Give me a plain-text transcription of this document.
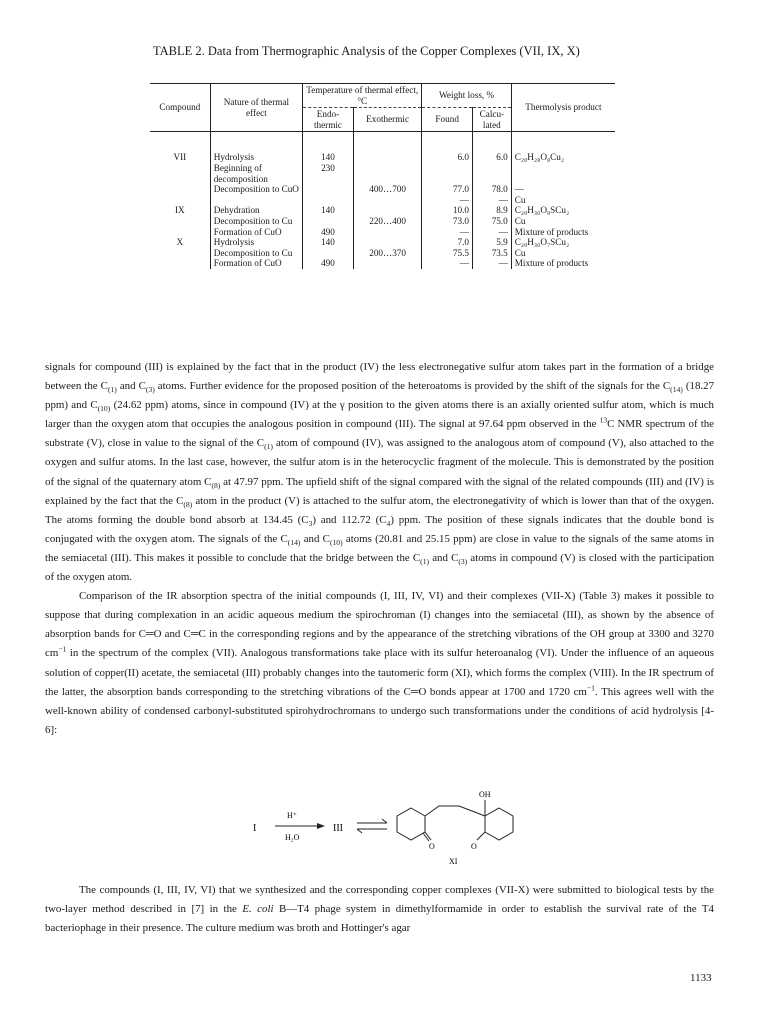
TABLE 2. Data from Thermographic Analysis of the Copper Complexes (VII, IX, X)
Compound	Nature of thermal effect	Temperature of thermal effect, °C		Weight loss, %		Thermolysis product
		Endo-thermic	Exothermic	Found	Calcu-lated	

VII	Hydrolysis	140		6.0	6.0	C₂₀H₂₈O₈Cu₂
	Beginning of decomposition	230				
	Decomposition to CuO		400…700	77.0	78.0	—
				—	—	Cu
IX	Dehydration	140		10.0	8.9	C₂₀H₃₀O₈SCu₂
	Decomposition to Cu		220…400	73.0	75.0	Cu
	Formation of CuO	490		—	—	Mixture of products
X	Hydrolysis	140		7.0	5.9	C₂₀H₃₀O₇SCu₂
	Decomposition to Cu		200…370	75.5	73.5	Cu
	Formation of CuO	490		—	—	Mixture of products

signals for compound (III) is explained by the fact that in the product (IV) the less electronegative sulfur atom takes part in the formation of a bridge between the $C_{(1)}$ and $C_{(3)}$ atoms. Further evidence for the proposed position of the heteroatoms is provided by the shift of the signals for the $C_{(14)}$ (18.27 ppm) and $C_{(10)}$ (24.62 ppm) atoms, since in compound (IV) at the γ position to the given atoms there is an axially oriented sulfur atom, which is much larger than the oxygen atom that occupies the analogous position in compound (III). The signal at 97.64 ppm observed in the $^{13}$C NMR spectrum of the substrate (V), close in value to the signal of the $C_{(1)}$ atom of compound (IV), was assigned to the analogous atom of compound (V), also attached to the oxygen and sulfur atoms. In the last case, however, the sulfur atom is in the heterocyclic fragment of the molecule. This is demonstrated by the position of the signal of the quaternary atom $C_{(8)}$ at 47.97 ppm. The upfield shift of the signal compared with the signal of the related compounds (III) and (IV) is explained by the fact that the $C_{(8)}$ atom in the product (V) is attached to the sulfur atom, the electronegativity of which is lower than that of the oxygen. The atoms forming the double bond absorb at 134.45 $(C_3)$ and 112.72 $(C_4)$ ppm. The position of these signals indicates that the double bond is conjugated with the oxygen atom. The signals of the $C_{(14)}$ and $C_{(10)}$ atoms (20.81 and 25.15 ppm) are close in value to the signals of the same atoms in the semiacetal (III). This makes it possible to conclude that the bridge between the $C_{(1)}$ and $C_{(3)}$ atoms in compound (V) is closed with the participation of the oxygen atom.

Comparison of the IR absorption spectra of the initial compounds (I, III, IV, VI) and their complexes (VII-X) (Table 3) makes it possible to suppose that during complexation in an acidic aqueous medium the spirochroman (I) changes into the semiacetal (III), as shown by the absence of absorption bands for C═O and C═C in the corresponding regions and by the appearance of the stretching vibrations of the OH group at 3300 and 3270 $cm^{-1}$ in the spectrum of the complex (VII). Analogous transformations take place with its sulfur heteroanalog (VI). Under the influence of an aqueous solution of copper(II) acetate, the semiacetal (III) probably changes into the tautomeric form (XI), which forms the complex (VIII). In the IR spectrum of the latter, the absorption bands corresponding to the stretching vibrations of the C═O bonds appear at 1700 and 1720 $cm^{-1}$. This agrees well with the well-known ability of condensed carbonyl-substituted spirohydrochromans to undergo such transformations under the conditions of acid hydrolysis [4-6]:

I
H⁺
H₂O
III
OH
O	O
XI

The compounds (I, III, IV, VI) that we synthesized and the corresponding copper complexes (VII-X) were submitted to biological tests by the two-layer method described in [7] in the E. coli B—T4 phage system in dimethylformamide in order to establish the survival rate of the T4 bacteriophage in their presence. The culture medium was broth and Hottinger's agar

1133
